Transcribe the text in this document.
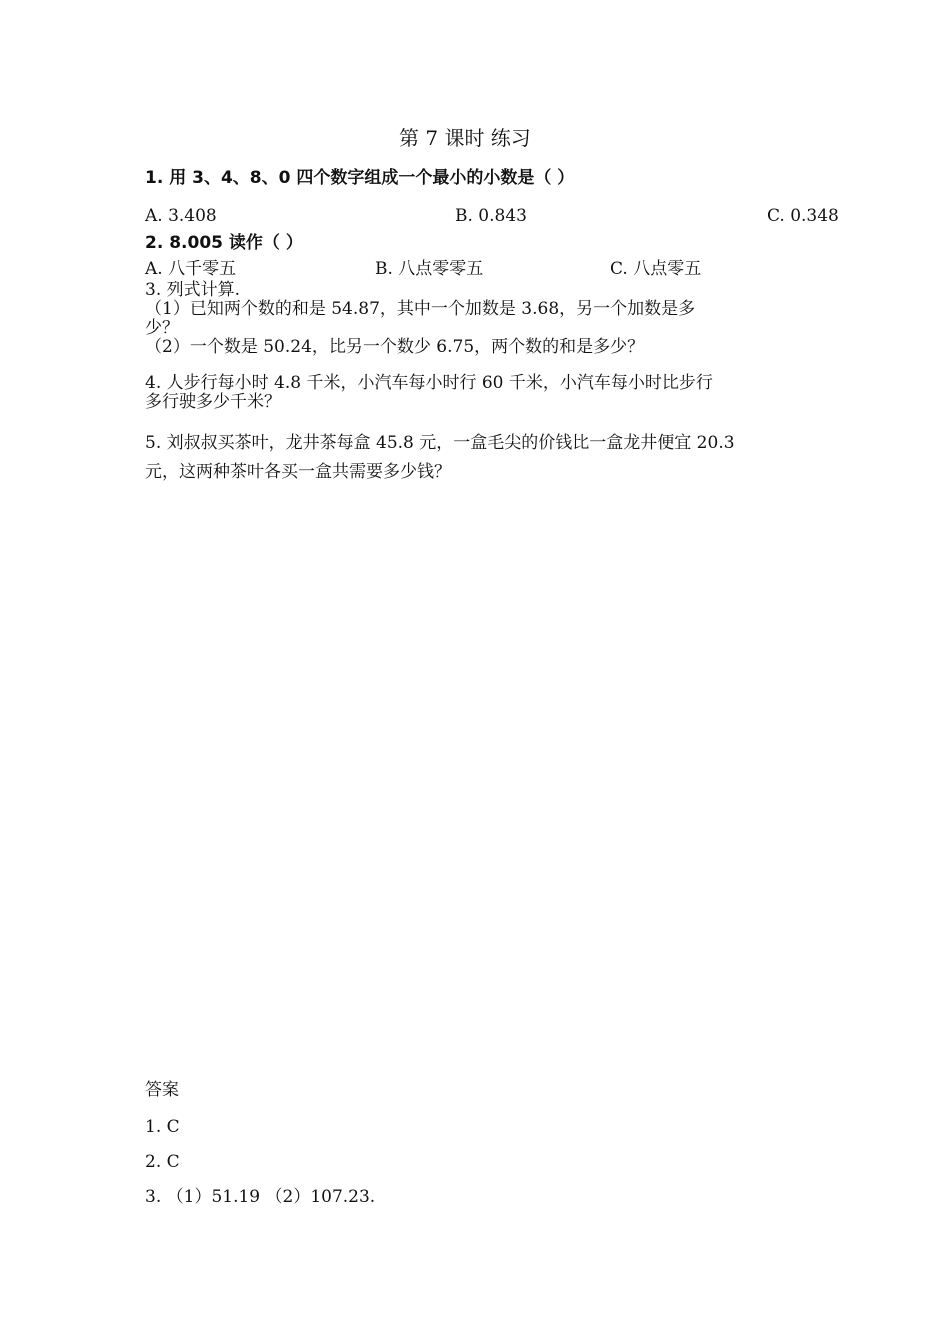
第 7 课时 练习
1. 用 3、4、8、0 四个数字组成一个最小的小数是（ ）
A. 3.408	B. 0.843	C. 0.348
2. 8.005 读作（ ）
A. 八千零五	B. 八点零零五	C. 八点零五
3. 列式计算.
（1）已知两个数的和是 54.87，其中一个加数是 3.68，另一个加数是多
少？
（2）一个数是 50.24，比另一个数少 6.75，两个数的和是多少？
4. 人步行每小时 4.8 千米，小汽车每小时行 60 千米，小汽车每小时比步行
多行驶多少千米？
5. 刘叔叔买茶叶，龙井茶每盒 45.8 元，一盒毛尖的价钱比一盒龙井便宜 20.3
元，这两种茶叶各买一盒共需要多少钱？
答案
1. C
2. C
3. （1）51.19 （2）107.23.
